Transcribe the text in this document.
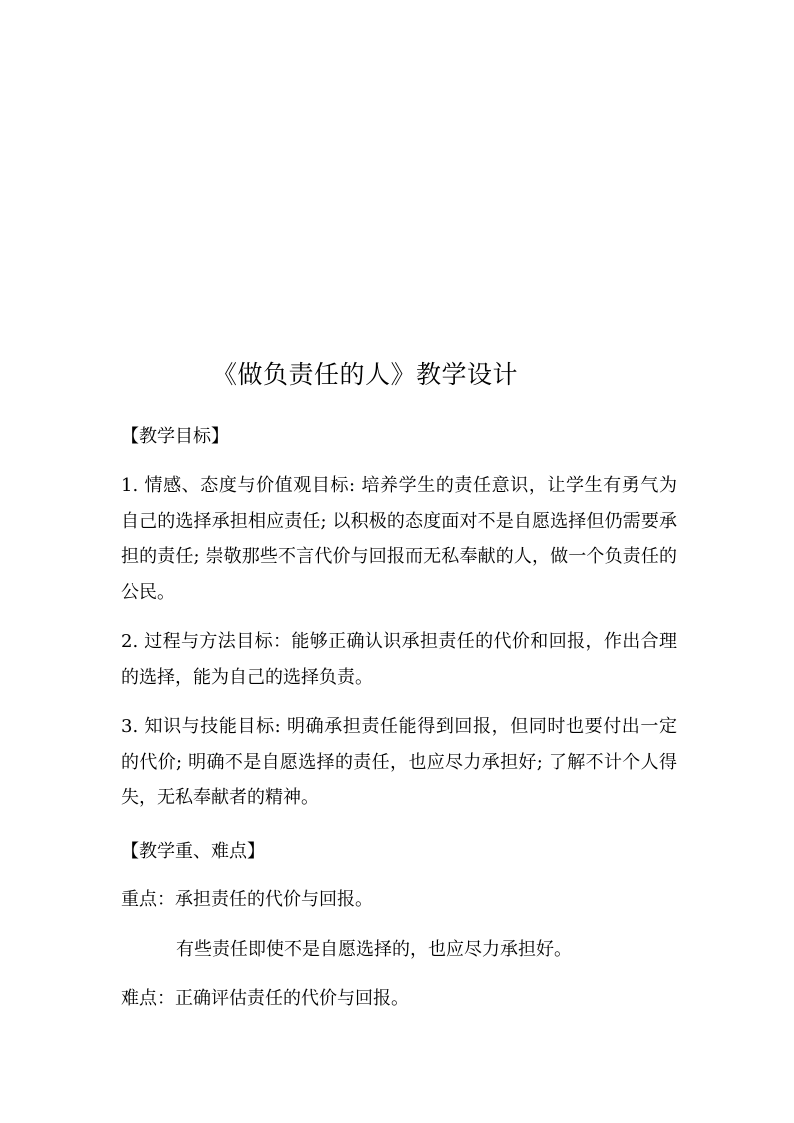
《做负责任的人》教学设计
【教学目标】
1. 情感、态度与价值观目标: 培养学生的责任意识，让学生有勇气为自己的选择承担相应责任; 以积极的态度面对不是自愿选择但仍需要承担的责任; 崇敬那些不言代价与回报而无私奉献的人，做一个负责任的公民。
2. 过程与方法目标：能够正确认识承担责任的代价和回报，作出合理的选择，能为自己的选择负责。
3. 知识与技能目标: 明确承担责任能得到回报，但同时也要付出一定的代价; 明确不是自愿选择的责任，也应尽力承担好; 了解不计个人得失，无私奉献者的精神。
【教学重、难点】
重点：承担责任的代价与回报。
有些责任即使不是自愿选择的，也应尽力承担好。
难点：正确评估责任的代价与回报。
